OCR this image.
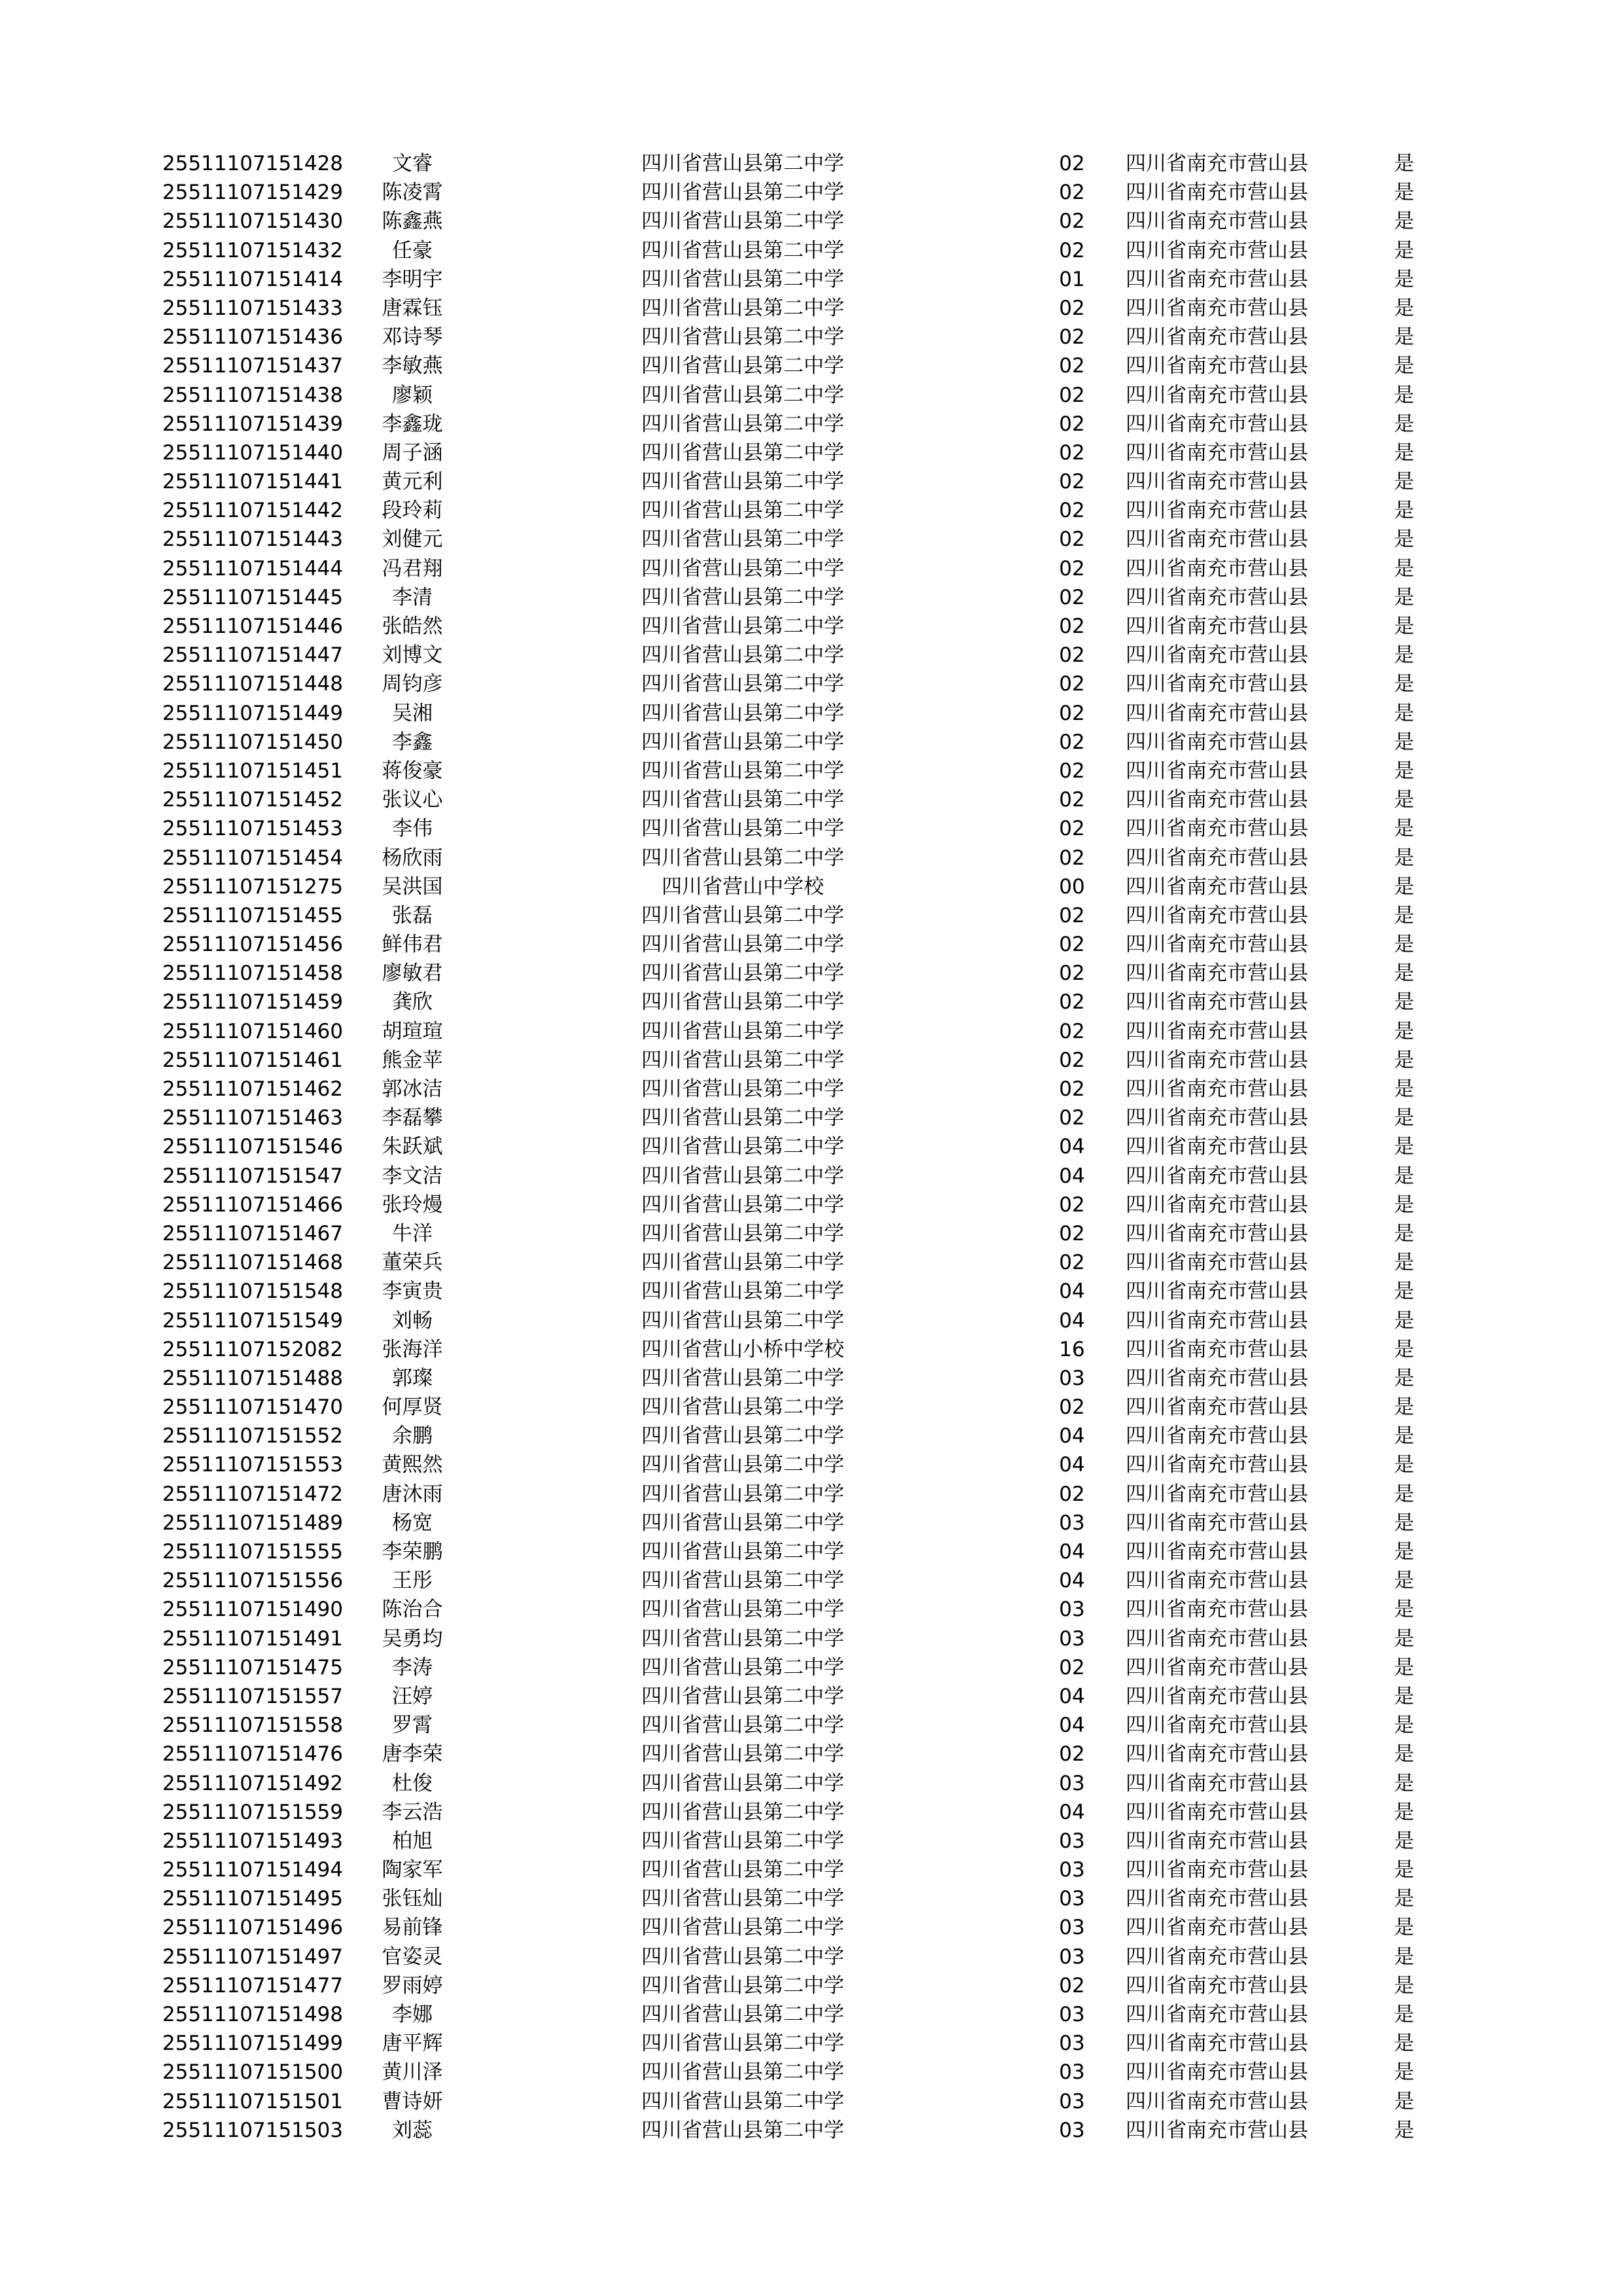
25511107151428	文睿	四川省营山县第二中学	02	四川省南充市营山县	是
25511107151429	陈凌霄	四川省营山县第二中学	02	四川省南充市营山县	是
25511107151430	陈鑫燕	四川省营山县第二中学	02	四川省南充市营山县	是
25511107151432	任豪	四川省营山县第二中学	02	四川省南充市营山县	是
25511107151414	李明宇	四川省营山县第二中学	01	四川省南充市营山县	是
25511107151433	唐霖钰	四川省营山县第二中学	02	四川省南充市营山县	是
25511107151436	邓诗琴	四川省营山县第二中学	02	四川省南充市营山县	是
25511107151437	李敏燕	四川省营山县第二中学	02	四川省南充市营山县	是
25511107151438	廖颖	四川省营山县第二中学	02	四川省南充市营山县	是
25511107151439	李鑫珑	四川省营山县第二中学	02	四川省南充市营山县	是
25511107151440	周子涵	四川省营山县第二中学	02	四川省南充市营山县	是
25511107151441	黄元利	四川省营山县第二中学	02	四川省南充市营山县	是
25511107151442	段玲莉	四川省营山县第二中学	02	四川省南充市营山县	是
25511107151443	刘健元	四川省营山县第二中学	02	四川省南充市营山县	是
25511107151444	冯君翔	四川省营山县第二中学	02	四川省南充市营山县	是
25511107151445	李清	四川省营山县第二中学	02	四川省南充市营山县	是
25511107151446	张皓然	四川省营山县第二中学	02	四川省南充市营山县	是
25511107151447	刘博文	四川省营山县第二中学	02	四川省南充市营山县	是
25511107151448	周钧彦	四川省营山县第二中学	02	四川省南充市营山县	是
25511107151449	吴湘	四川省营山县第二中学	02	四川省南充市营山县	是
25511107151450	李鑫	四川省营山县第二中学	02	四川省南充市营山县	是
25511107151451	蒋俊豪	四川省营山县第二中学	02	四川省南充市营山县	是
25511107151452	张议心	四川省营山县第二中学	02	四川省南充市营山县	是
25511107151453	李伟	四川省营山县第二中学	02	四川省南充市营山县	是
25511107151454	杨欣雨	四川省营山县第二中学	02	四川省南充市营山县	是
25511107151275	吴洪国	四川省营山中学校	00	四川省南充市营山县	是
25511107151455	张磊	四川省营山县第二中学	02	四川省南充市营山县	是
25511107151456	鲜伟君	四川省营山县第二中学	02	四川省南充市营山县	是
25511107151458	廖敏君	四川省营山县第二中学	02	四川省南充市营山县	是
25511107151459	龚欣	四川省营山县第二中学	02	四川省南充市营山县	是
25511107151460	胡瑄瑄	四川省营山县第二中学	02	四川省南充市营山县	是
25511107151461	熊金苹	四川省营山县第二中学	02	四川省南充市营山县	是
25511107151462	郭冰洁	四川省营山县第二中学	02	四川省南充市营山县	是
25511107151463	李磊攀	四川省营山县第二中学	02	四川省南充市营山县	是
25511107151546	朱跃斌	四川省营山县第二中学	04	四川省南充市营山县	是
25511107151547	李文洁	四川省营山县第二中学	04	四川省南充市营山县	是
25511107151466	张玲熳	四川省营山县第二中学	02	四川省南充市营山县	是
25511107151467	牛洋	四川省营山县第二中学	02	四川省南充市营山县	是
25511107151468	董荣兵	四川省营山县第二中学	02	四川省南充市营山县	是
25511107151548	李寅贵	四川省营山县第二中学	04	四川省南充市营山县	是
25511107151549	刘畅	四川省营山县第二中学	04	四川省南充市营山县	是
25511107152082	张海洋	四川省营山小桥中学校	16	四川省南充市营山县	是
25511107151488	郭璨	四川省营山县第二中学	03	四川省南充市营山县	是
25511107151470	何厚贤	四川省营山县第二中学	02	四川省南充市营山县	是
25511107151552	余鹏	四川省营山县第二中学	04	四川省南充市营山县	是
25511107151553	黄熙然	四川省营山县第二中学	04	四川省南充市营山县	是
25511107151472	唐沐雨	四川省营山县第二中学	02	四川省南充市营山县	是
25511107151489	杨宽	四川省营山县第二中学	03	四川省南充市营山县	是
25511107151555	李荣鹏	四川省营山县第二中学	04	四川省南充市营山县	是
25511107151556	王彤	四川省营山县第二中学	04	四川省南充市营山县	是
25511107151490	陈治合	四川省营山县第二中学	03	四川省南充市营山县	是
25511107151491	吴勇均	四川省营山县第二中学	03	四川省南充市营山县	是
25511107151475	李涛	四川省营山县第二中学	02	四川省南充市营山县	是
25511107151557	汪婷	四川省营山县第二中学	04	四川省南充市营山县	是
25511107151558	罗霄	四川省营山县第二中学	04	四川省南充市营山县	是
25511107151476	唐李荣	四川省营山县第二中学	02	四川省南充市营山县	是
25511107151492	杜俊	四川省营山县第二中学	03	四川省南充市营山县	是
25511107151559	李云浩	四川省营山县第二中学	04	四川省南充市营山县	是
25511107151493	柏旭	四川省营山县第二中学	03	四川省南充市营山县	是
25511107151494	陶家军	四川省营山县第二中学	03	四川省南充市营山县	是
25511107151495	张钰灿	四川省营山县第二中学	03	四川省南充市营山县	是
25511107151496	易前锋	四川省营山县第二中学	03	四川省南充市营山县	是
25511107151497	官姿灵	四川省营山县第二中学	03	四川省南充市营山县	是
25511107151477	罗雨婷	四川省营山县第二中学	02	四川省南充市营山县	是
25511107151498	李娜	四川省营山县第二中学	03	四川省南充市营山县	是
25511107151499	唐平辉	四川省营山县第二中学	03	四川省南充市营山县	是
25511107151500	黄川泽	四川省营山县第二中学	03	四川省南充市营山县	是
25511107151501	曹诗妍	四川省营山县第二中学	03	四川省南充市营山县	是
25511107151503	刘蕊	四川省营山县第二中学	03	四川省南充市营山县	是
